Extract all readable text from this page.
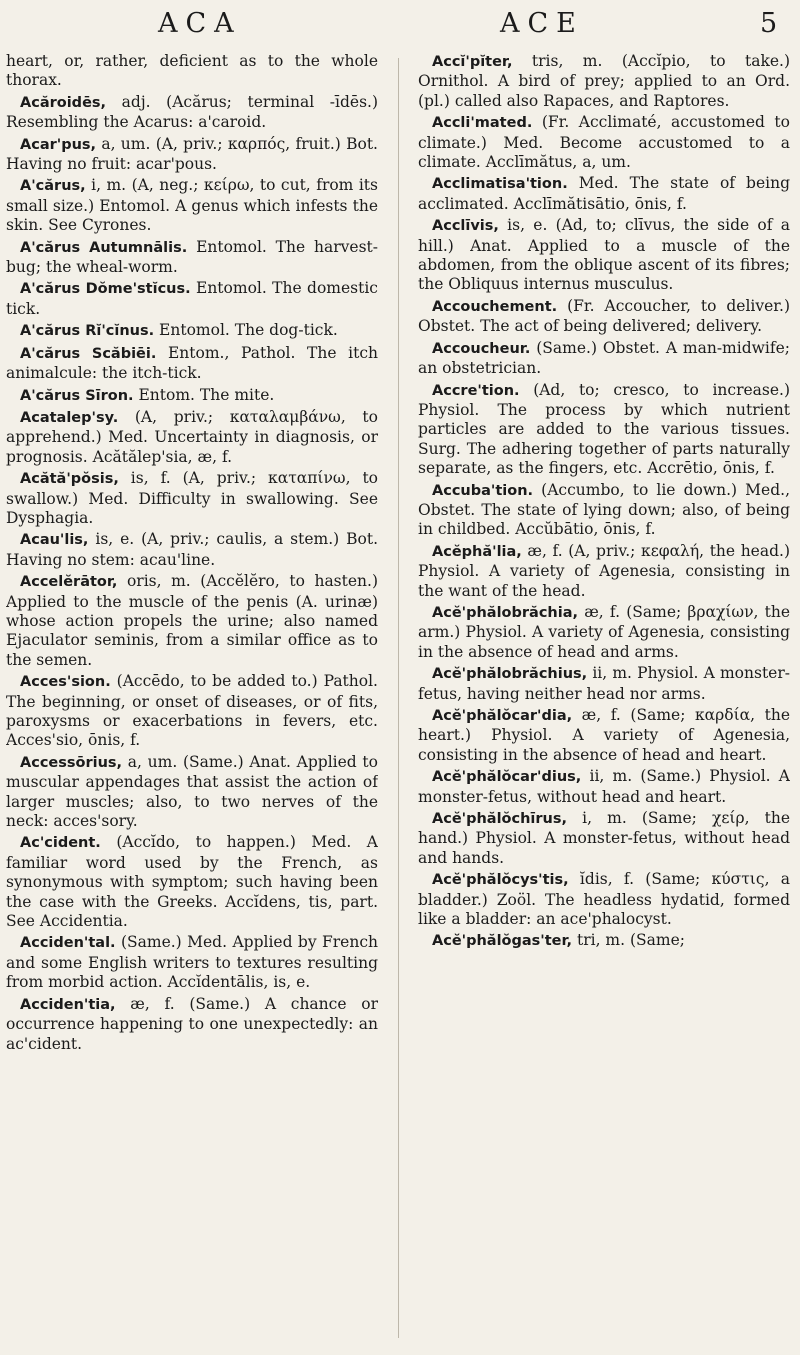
ACA	ACE	5

heart, or, rather, deficient as to the whole thorax.

Acăroidēs, adj. (Acărus; terminal -īdēs.) Resembling the Acarus: a'caroid.

Acar'pus, a, um. (A, priv.; καρπός, fruit.) Bot. Having no fruit: acar'pous.

A'cărus, i, m. (A, neg.; κείρω, to cut, from its small size.) Entomol. A genus which infests the skin. See Cyrones.

A'cărus Autumnālis. Entomol. The harvest-bug; the wheal-worm.

A'cărus Dŏme'stĭcus. Entomol. The domestic tick.

A'cărus Rĭ'cĭnus. Entomol. The dog-tick.

A'cărus Scăbiēi. Entom., Pathol. The itch animalcule: the itch-tick.

A'cărus Sīron. Entom. The mite.

Acatalep'sy. (A, priv.; καταλαμβάνω, to apprehend.) Med. Uncertainty in diagnosis, or prognosis. Acătălep'sia, æ, f.

Acătă'pŏsis, is, f. (A, priv.; καταπίνω, to swallow.) Med. Difficulty in swallowing. See Dysphagia.

Acau'lis, is, e. (A, priv.; caulis, a stem.) Bot. Having no stem: acau'line.

Accelĕrātor, oris, m. (Accĕlĕro, to hasten.) Applied to the muscle of the penis (A. urinæ) whose action propels the urine; also named Ejaculator seminis, from a similar office as to the semen.

Acces'sion. (Accēdo, to be added to.) Pathol. The beginning, or onset of diseases, or of fits, paroxysms or exacerbations in fevers, etc. Acces'sio, ōnis, f.

Accessōrius, a, um. (Same.) Anat. Applied to muscular appendages that assist the action of larger muscles; also, to two nerves of the neck: acces'sory.

Ac'cident. (Accĭdo, to happen.) Med. A familiar word used by the French, as synonymous with symptom; such having been the case with the Greeks. Accĭdens, tis, part. See Accidentia.

Acciden'tal. (Same.) Med. Applied by French and some English writers to textures resulting from morbid action. Accĭdentālis, is, e.

Acciden'tia, æ, f. (Same.) A chance or occurrence happening to one unexpectedly: an ac'cident.

Accĭ'pĭter, tris, m. (Accĭpio, to take.) Ornithol. A bird of prey; applied to an Ord. (pl.) called also Rapaces, and Raptores.

Accli'mated. (Fr. Acclimaté, accustomed to climate.) Med. Become accustomed to a climate. Acclīmătus, a, um.

Acclimatisa'tion. Med. The state of being acclimated. Acclīmătisātio, ōnis, f.

Acclīvis, is, e. (Ad, to; clīvus, the side of a hill.) Anat. Applied to a muscle of the abdomen, from the oblique ascent of its fibres; the Obliquus internus musculus.

Accouchement. (Fr. Accoucher, to deliver.) Obstet. The act of being delivered; delivery.

Accoucheur. (Same.) Obstet. A man-midwife; an obstetrician.

Accre'tion. (Ad, to; cresco, to increase.) Physiol. The process by which nutrient particles are added to the various tissues. Surg. The adhering together of parts naturally separate, as the fingers, etc. Accrētio, ōnis, f.

Accuba'tion. (Accumbo, to lie down.) Med., Obstet. The state of lying down; also, of being in childbed. Accŭbātio, ōnis, f.

Acĕphă'lia, æ, f. (A, priv.; κεφαλή, the head.) Physiol. A variety of Agenesia, consisting in the want of the head.

Acĕ'phălobrăchia, æ, f. (Same; βραχίων, the arm.) Physiol. A variety of Agenesia, consisting in the absence of head and arms.

Acĕ'phălobrăchius, ii, m. Physiol. A monster-fetus, having neither head nor arms.

Acĕ'phălŏcar'dia, æ, f. (Same; καρδία, the heart.) Physiol. A variety of Agenesia, consisting in the absence of head and heart.

Acĕ'phălŏcar'dius, ii, m. (Same.) Physiol. A monster-fetus, without head and heart.

Acĕ'phălŏchīrus, i, m. (Same; χείρ, the hand.) Physiol. A monster-fetus, without head and hands.

Acĕ'phălŏcys'tis, ĭdis, f. (Same; κύστις, a bladder.) Zoöl. The headless hydatid, formed like a bladder: an ace'phalocyst.

Acĕ'phălŏgas'ter, tri, m. (Same;
